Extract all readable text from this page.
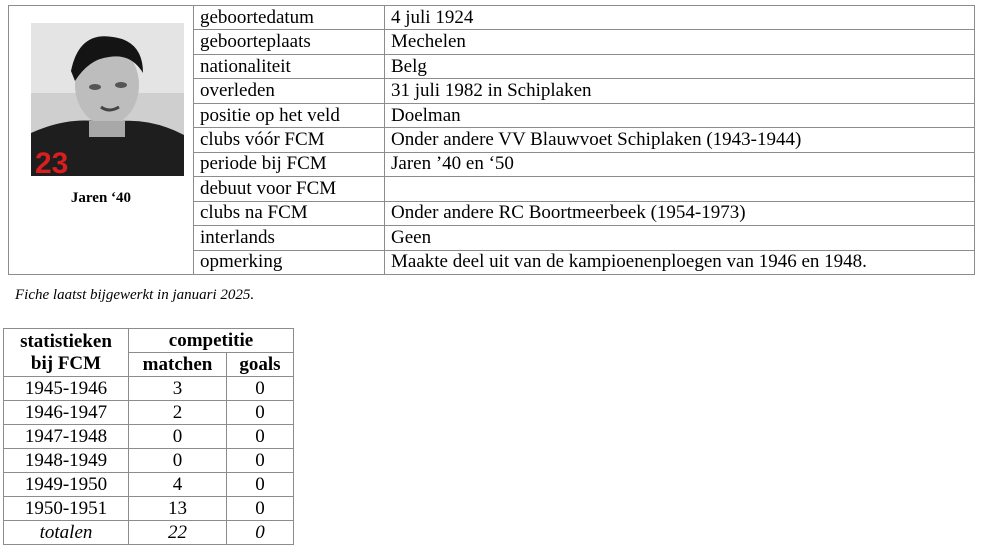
23
Jaren ‘40	geboortedatum	4 juli 1924
	geboorteplaats	Mechelen
	nationaliteit	Belg
	overleden	31 juli 1982 in Schiplaken
	positie op het veld	Doelman
	clubs vóór FCM	Onder andere VV Blauwvoet Schiplaken (1943-1944)
	periode bij FCM	Jaren ’40 en ‘50
	debuut voor FCM	
	clubs na FCM	Onder andere RC Boortmeerbeek (1954-1973)
	interlands	Geen
	opmerking	Maakte deel uit van de kampioenenploegen van 1946 en 1948.
Fiche laatst bijgewerkt in januari 2025.
statistieken
bij FCM	competitie	
	matchen	goals
1945-1946	3	0
1946-1947	2	0
1947-1948	0	0
1948-1949	0	0
1949-1950	4	0
1950-1951	13	0
totalen	22	0
